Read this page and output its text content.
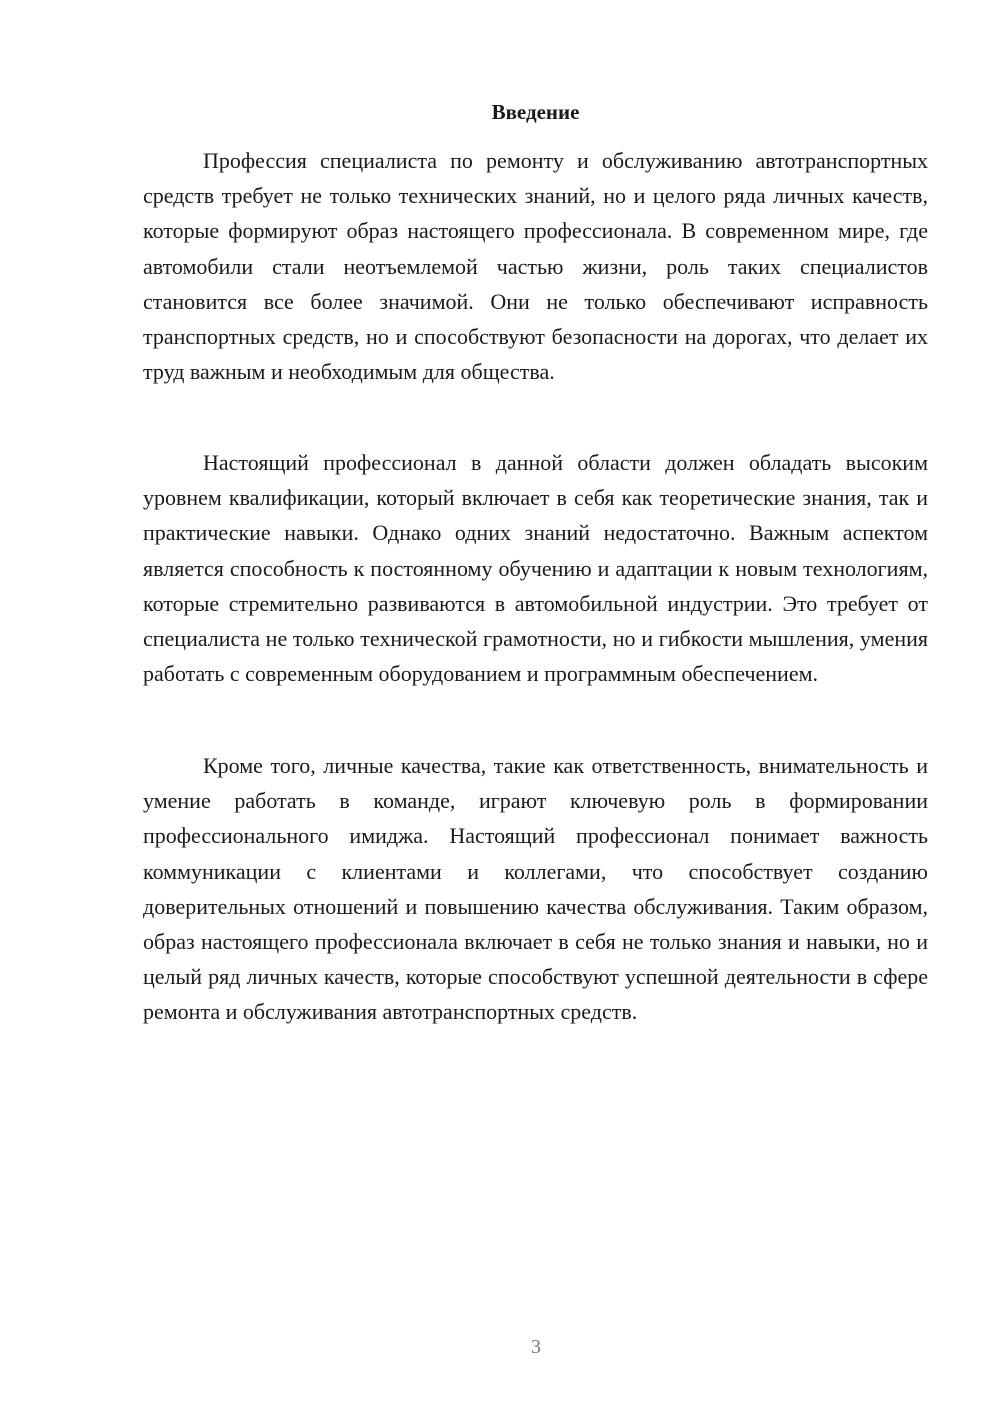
Введение

Профессия специалиста по ремонту и обслуживанию автотранспортных средств требует не только технических знаний, но и целого ряда личных качеств, которые формируют образ настоящего профессионала. В современном мире, где автомобили стали неотъемлемой частью жизни, роль таких специалистов становится все более значимой. Они не только обеспечивают исправность транспортных средств, но и способствуют безопасности на дорогах, что делает их труд важным и необходимым для общества.

Настоящий профессионал в данной области должен обладать высоким уровнем квалификации, который включает в себя как теоретические знания, так и практические навыки. Однако одних знаний недостаточно. Важным аспектом является способность к постоянному обучению и адаптации к новым технологиям, которые стремительно развиваются в автомобильной индустрии. Это требует от специалиста не только технической грамотности, но и гибкости мышления, умения работать с современным оборудованием и программным обеспечением.

Кроме того, личные качества, такие как ответственность, внимательность и умение работать в команде, играют ключевую роль в формировании профессионального имиджа. Настоящий профессионал понимает важность коммуникации с клиентами и коллегами, что способствует созданию доверительных отношений и повышению качества обслуживания. Таким образом, образ настоящего профессионала включает в себя не только знания и навыки, но и целый ряд личных качеств, которые способствуют успешной деятельности в сфере ремонта и обслуживания автотранспортных средств.

3
